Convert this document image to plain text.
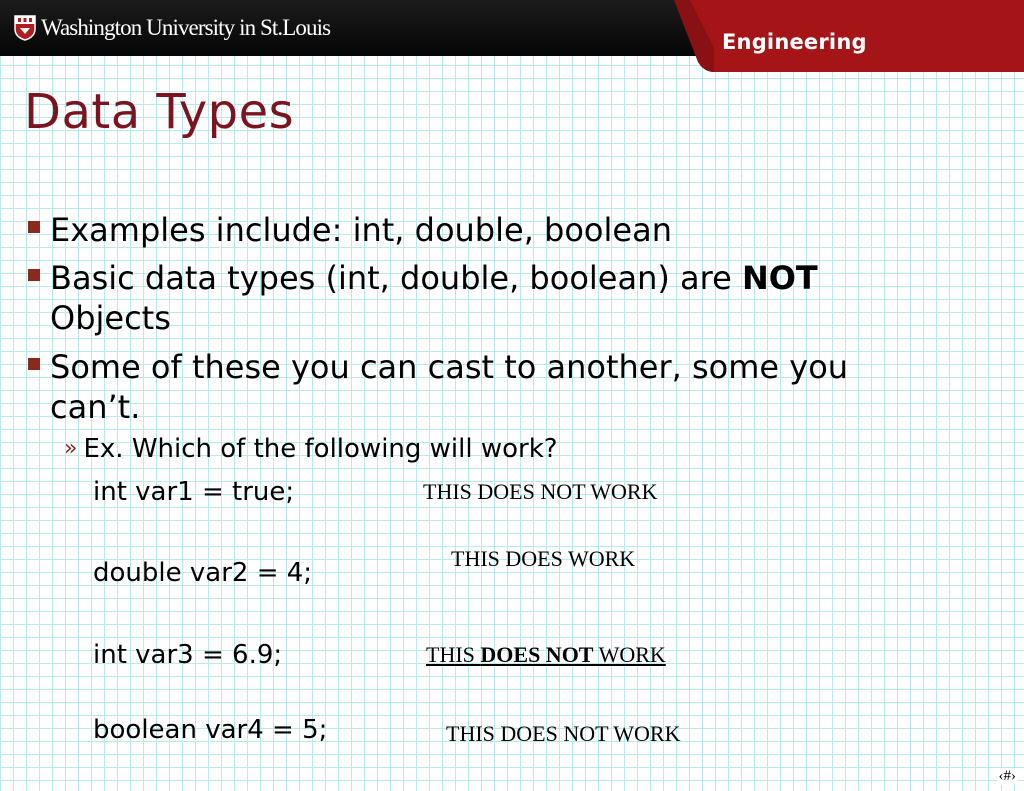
Washington University in St.Louis
Engineering
Data Types
Examples include: int, double, boolean
Basic data types (int, double, boolean) are NOT
Objects
Some of these you can cast to another, some you
can’t.
» Ex. Which of the following will work?
int var1 = true;	THIS DOES NOT WORK
double var2 = 4;	THIS DOES WORK
int var3 = 6.9;	THIS DOES NOT WORK
boolean var4 = 5;	THIS DOES NOT WORK
‹#›
